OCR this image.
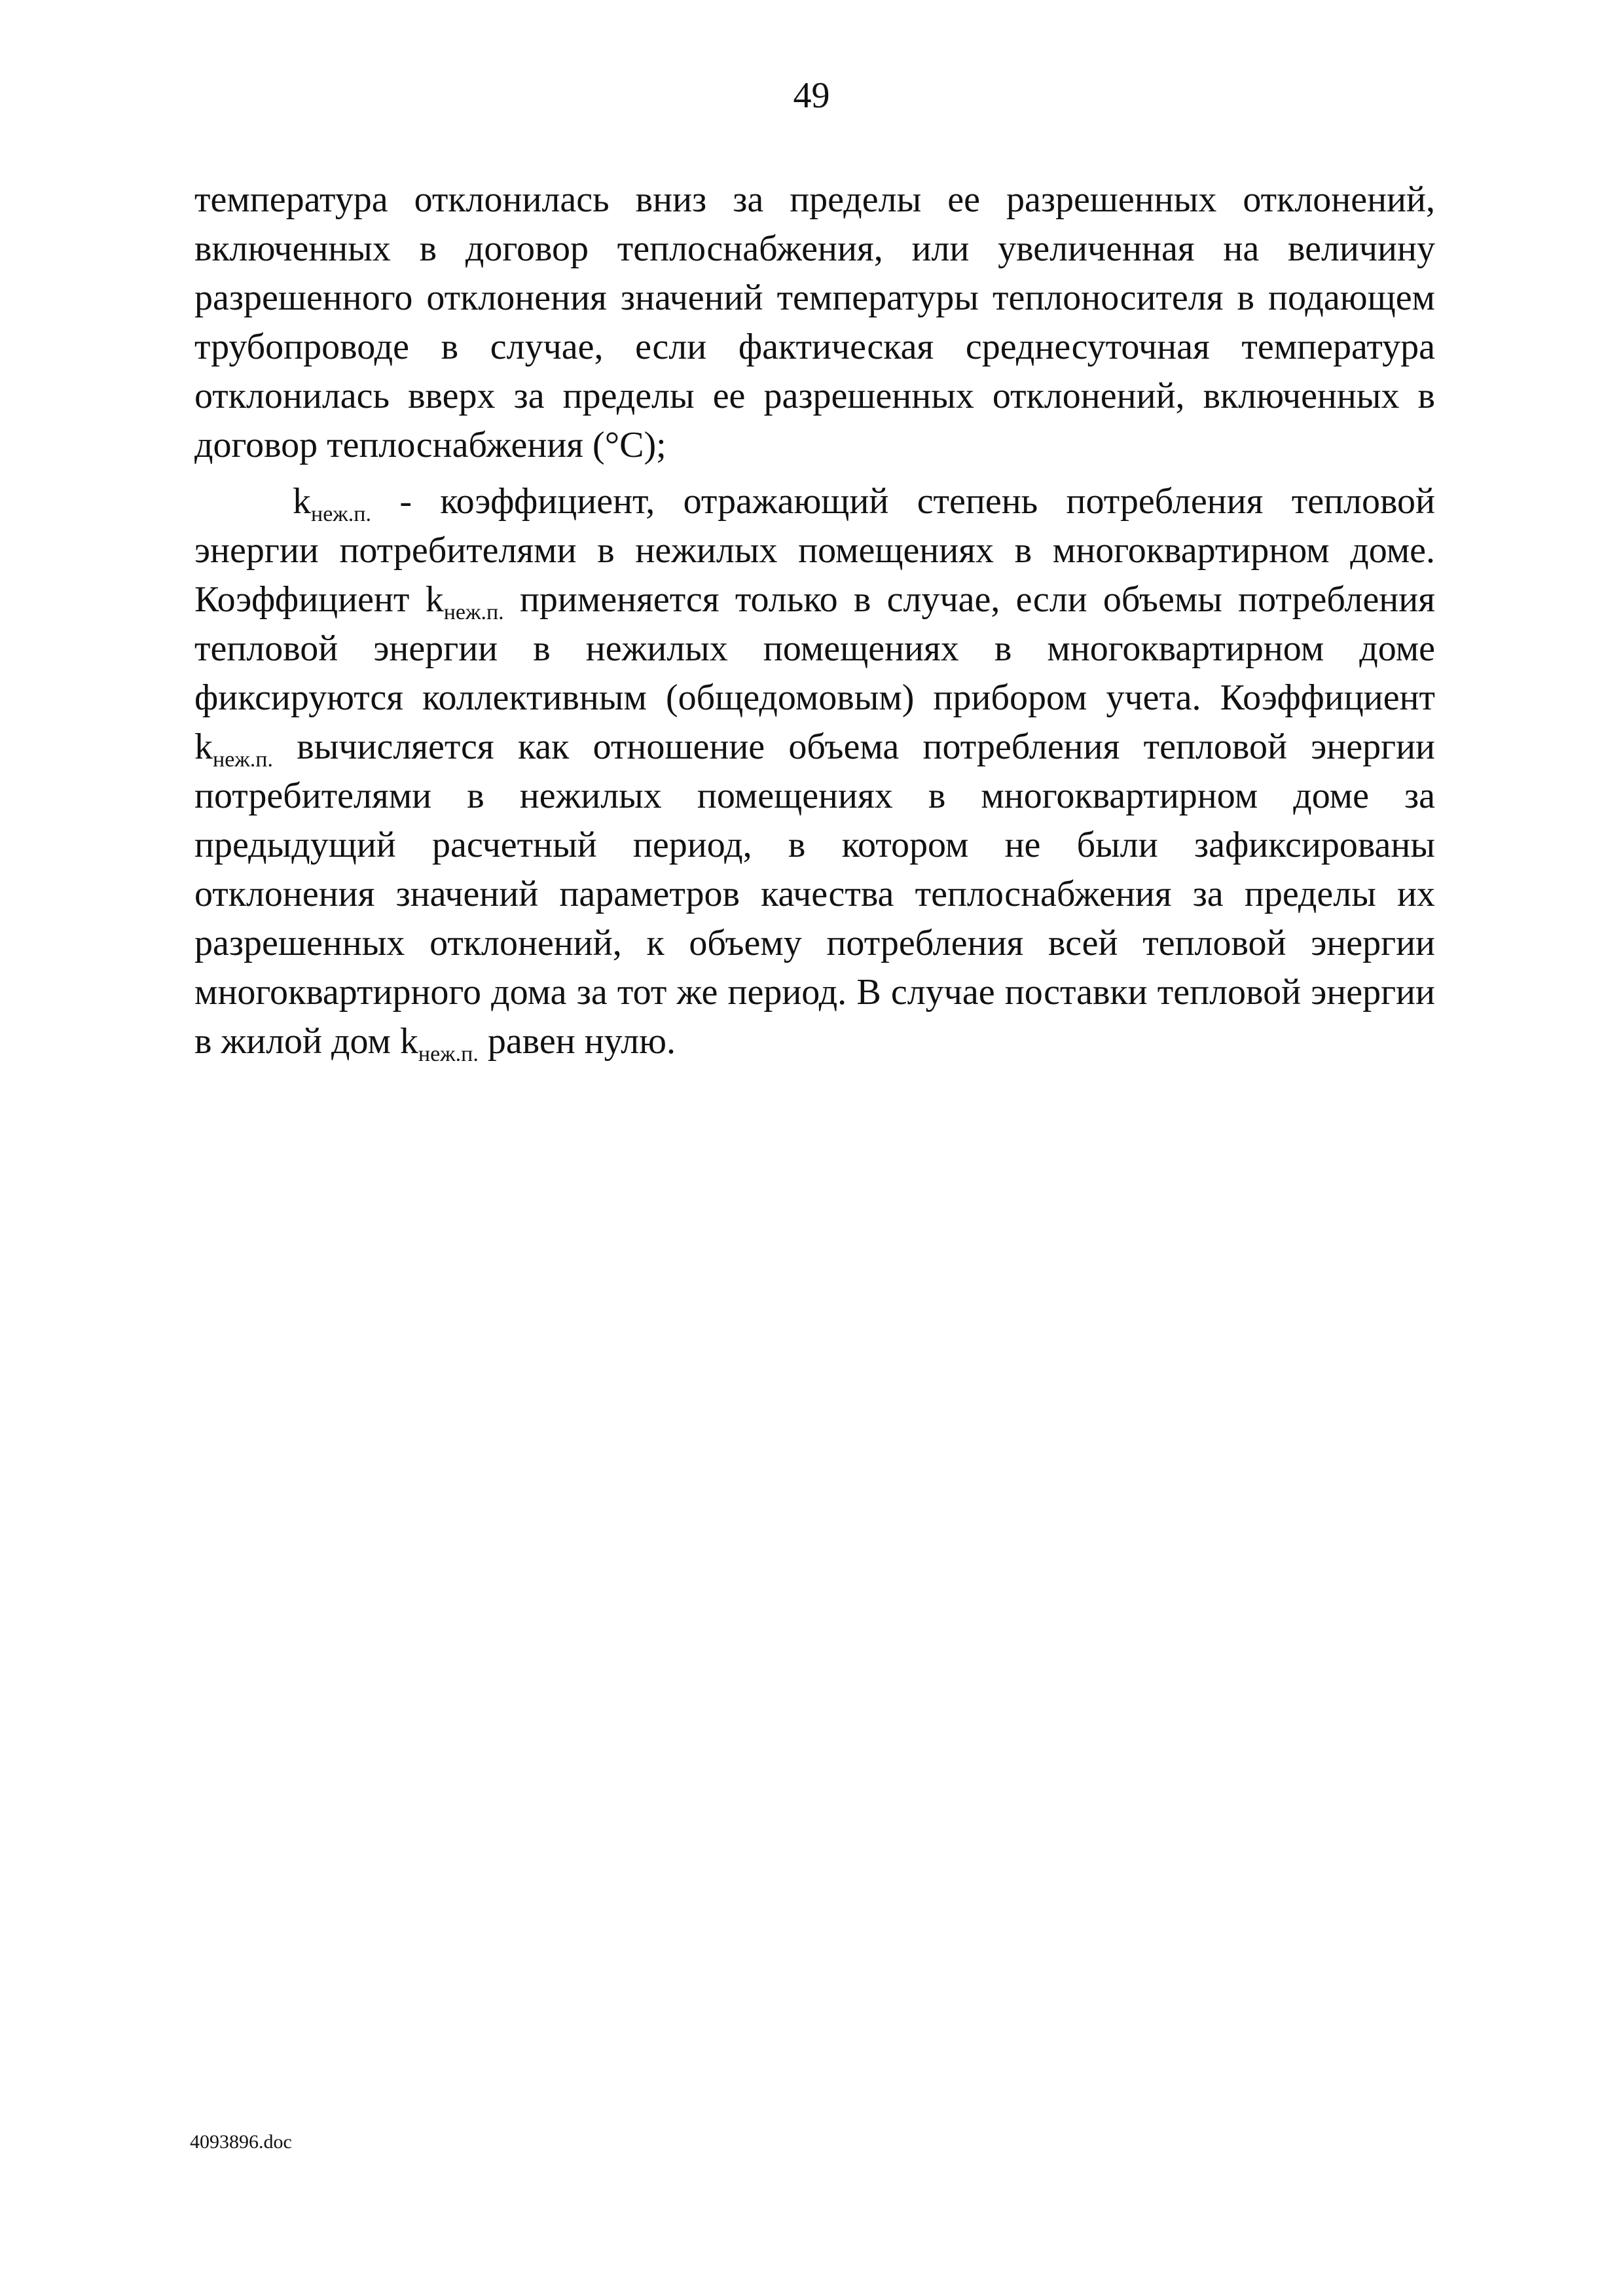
49

температура отклонилась вниз за пределы ее разрешенных отклонений, включенных в договор теплоснабжения, или увеличенная на величину разрешенного отклонения значений температуры теплоносителя в подающем трубопроводе в случае, если фактическая среднесуточная температура отклонилась вверх за пределы ее разрешенных отклонений, включенных в договор теплоснабжения (°С);

$k_{неж.п.}$ - коэффициент, отражающий степень потребления тепловой энергии потребителями в нежилых помещениях в многоквартирном доме. Коэффициент $k_{неж.п.}$ применяется только в случае, если объемы потребления тепловой энергии в нежилых помещениях в многоквартирном доме фиксируются коллективным (общедомовым) прибором учета. Коэффициент $k_{неж.п.}$ вычисляется как отношение объема потребления тепловой энергии потребителями в нежилых помещениях в многоквартирном доме за предыдущий расчетный период, в котором не были зафиксированы отклонения значений параметров качества теплоснабжения за пределы их разрешенных отклонений, к объему потребления всей тепловой энергии многоквартирного дома за тот же период. В случае поставки тепловой энергии в жилой дом $k_{неж.п.}$ равен нулю.

4093896.doc
